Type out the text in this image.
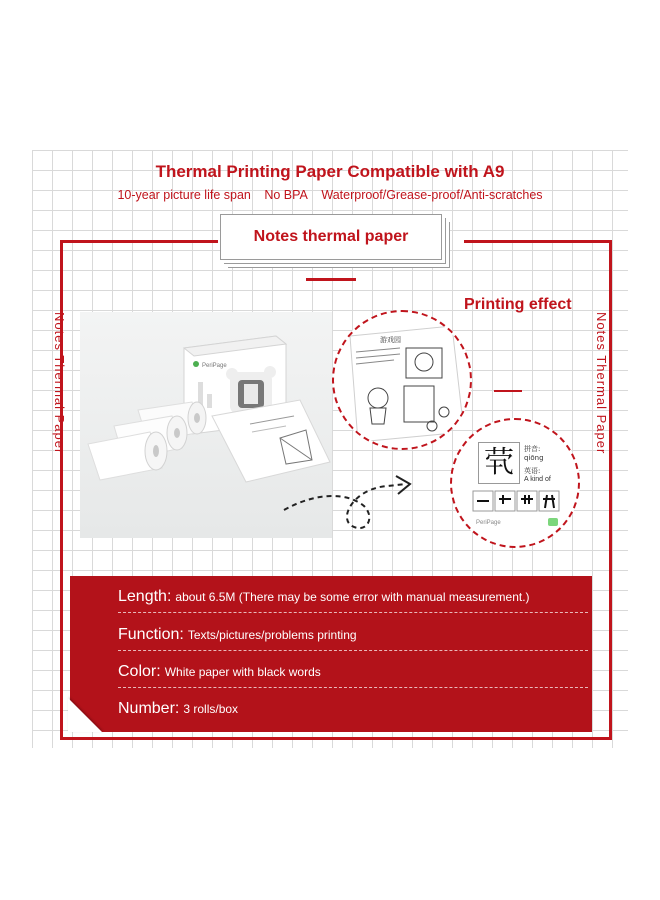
Thermal Printing Paper Compatible with A9
10-year picture life span No BPA Waterproof/Grease-proof/Anti-scratches
Notes thermal paper
Notes Thermal Paper	Notes Thermal Paper
Printing effect
PeriPage
游戏园
茕	拼音:
qiōng
英语:
A kind of
PeriPage
Length: about 6.5M (There may be some error with manual measurement.)
Function: Texts/pictures/problems printing
Color: White paper with black words
Number: 3 rolls/box
